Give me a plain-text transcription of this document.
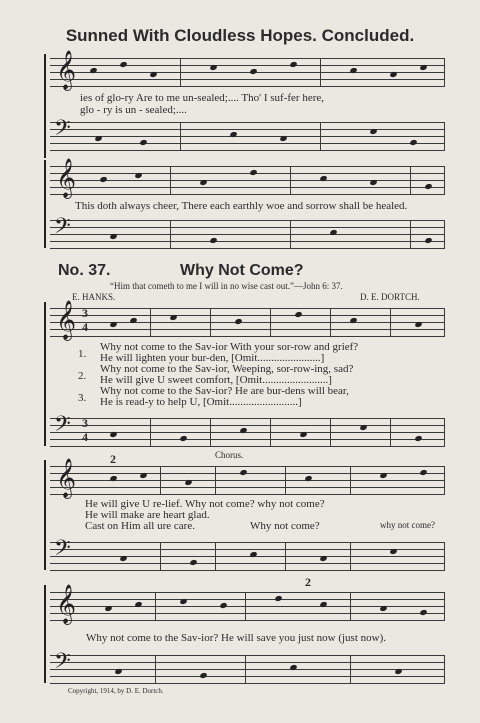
Sunned With Cloudless Hopes. Concluded.
𝄞
ies of glo-ry Are to me un-sealed;.... Tho' I suf-fer here,
glo - ry is un - sealed;....
𝄢
𝄞
This doth always cheer, There each earthly woe and sorrow shall be healed.
𝄢
No. 37.	Why Not Come?
“Him that cometh to me I will in no wise cast out.”—John 6: 37.
E. HANKS.	D. E. DORTCH.
𝄞 3
4
1.
Why not come to the Sav-ior With your sor-row and grief?
He will lighten your bur-den, [Omit.......................]
2.
Why not come to the Sav-ior, Weeping, sor-row-ing, sad?
He will give U sweet comfort, [Omit........................]
3.
Why not come to the Sav-ior? He are bur-dens will bear,
He is read-y to help U, [Omit.........................]
𝄢 3
4
2	Chorus.
𝄞
He will give U re-lief. Why not come? why not come?
He will make are heart glad.
Cast on Him all ure care.	Why not come?	why not come?
𝄢
2
𝄞
Why not come to the Sav-ior? He will save you just now (just now).
𝄢
Copyright, 1914, by D. E. Dortch.
